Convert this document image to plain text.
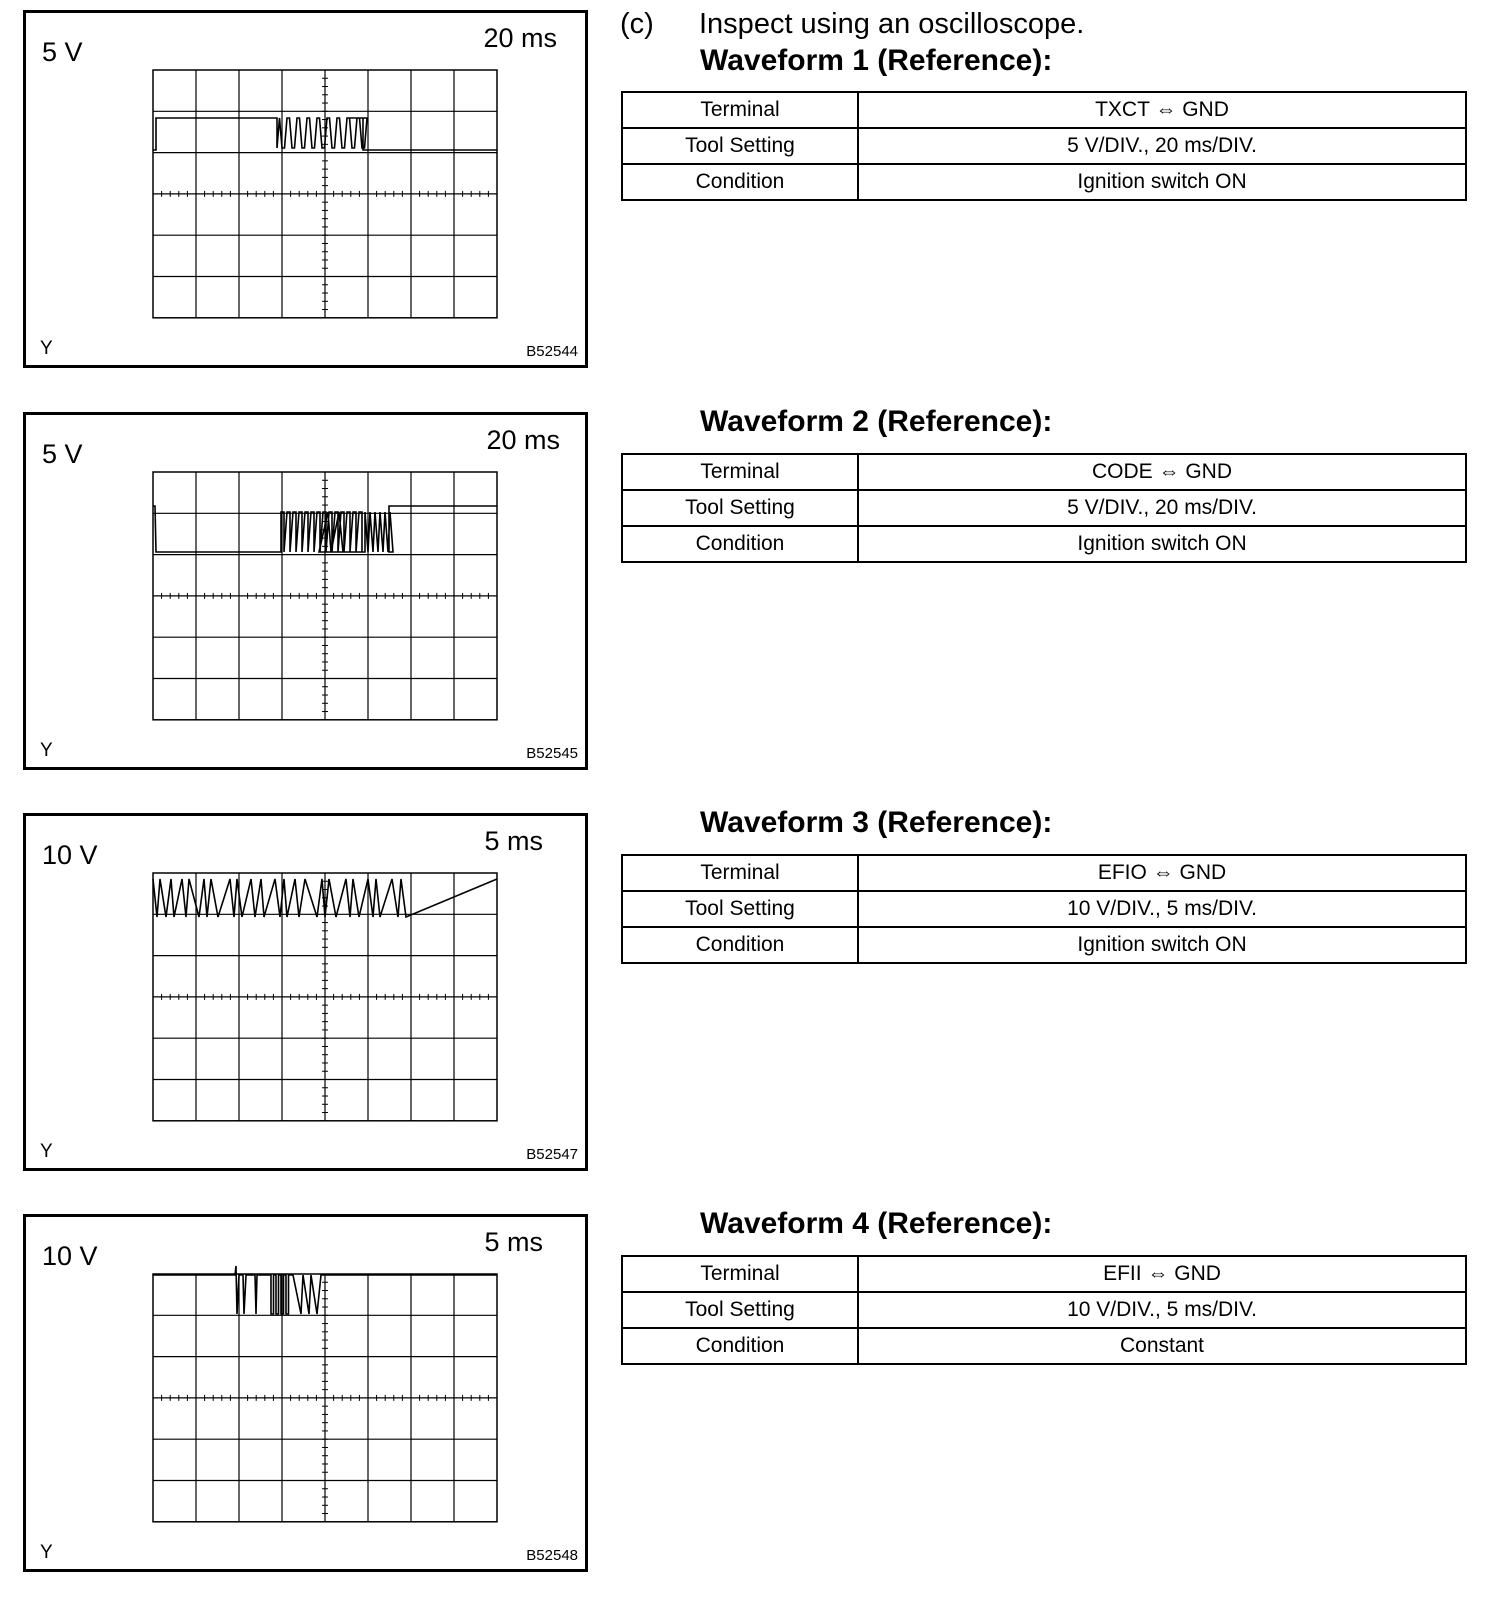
(c) Inspect using an oscilloscope.
5 V	20 ms
Y	B52544
Waveform 1 (Reference):
Terminal	TXCT ⇔ GND
Tool Setting	5 V/DIV., 20 ms/DIV.
Condition	Ignition switch ON
5 V	20 ms
Y	B52545
Waveform 2 (Reference):
Terminal	CODE ⇔ GND
Tool Setting	5 V/DIV., 20 ms/DIV.
Condition	Ignition switch ON
10 V	5 ms
Y	B52547
Waveform 3 (Reference):
Terminal	EFIO ⇔ GND
Tool Setting	10 V/DIV., 5 ms/DIV.
Condition	Ignition switch ON
10 V	5 ms
Y	B52548
Waveform 4 (Reference):
Terminal	EFII ⇔ GND
Tool Setting	10 V/DIV., 5 ms/DIV.
Condition	Constant
